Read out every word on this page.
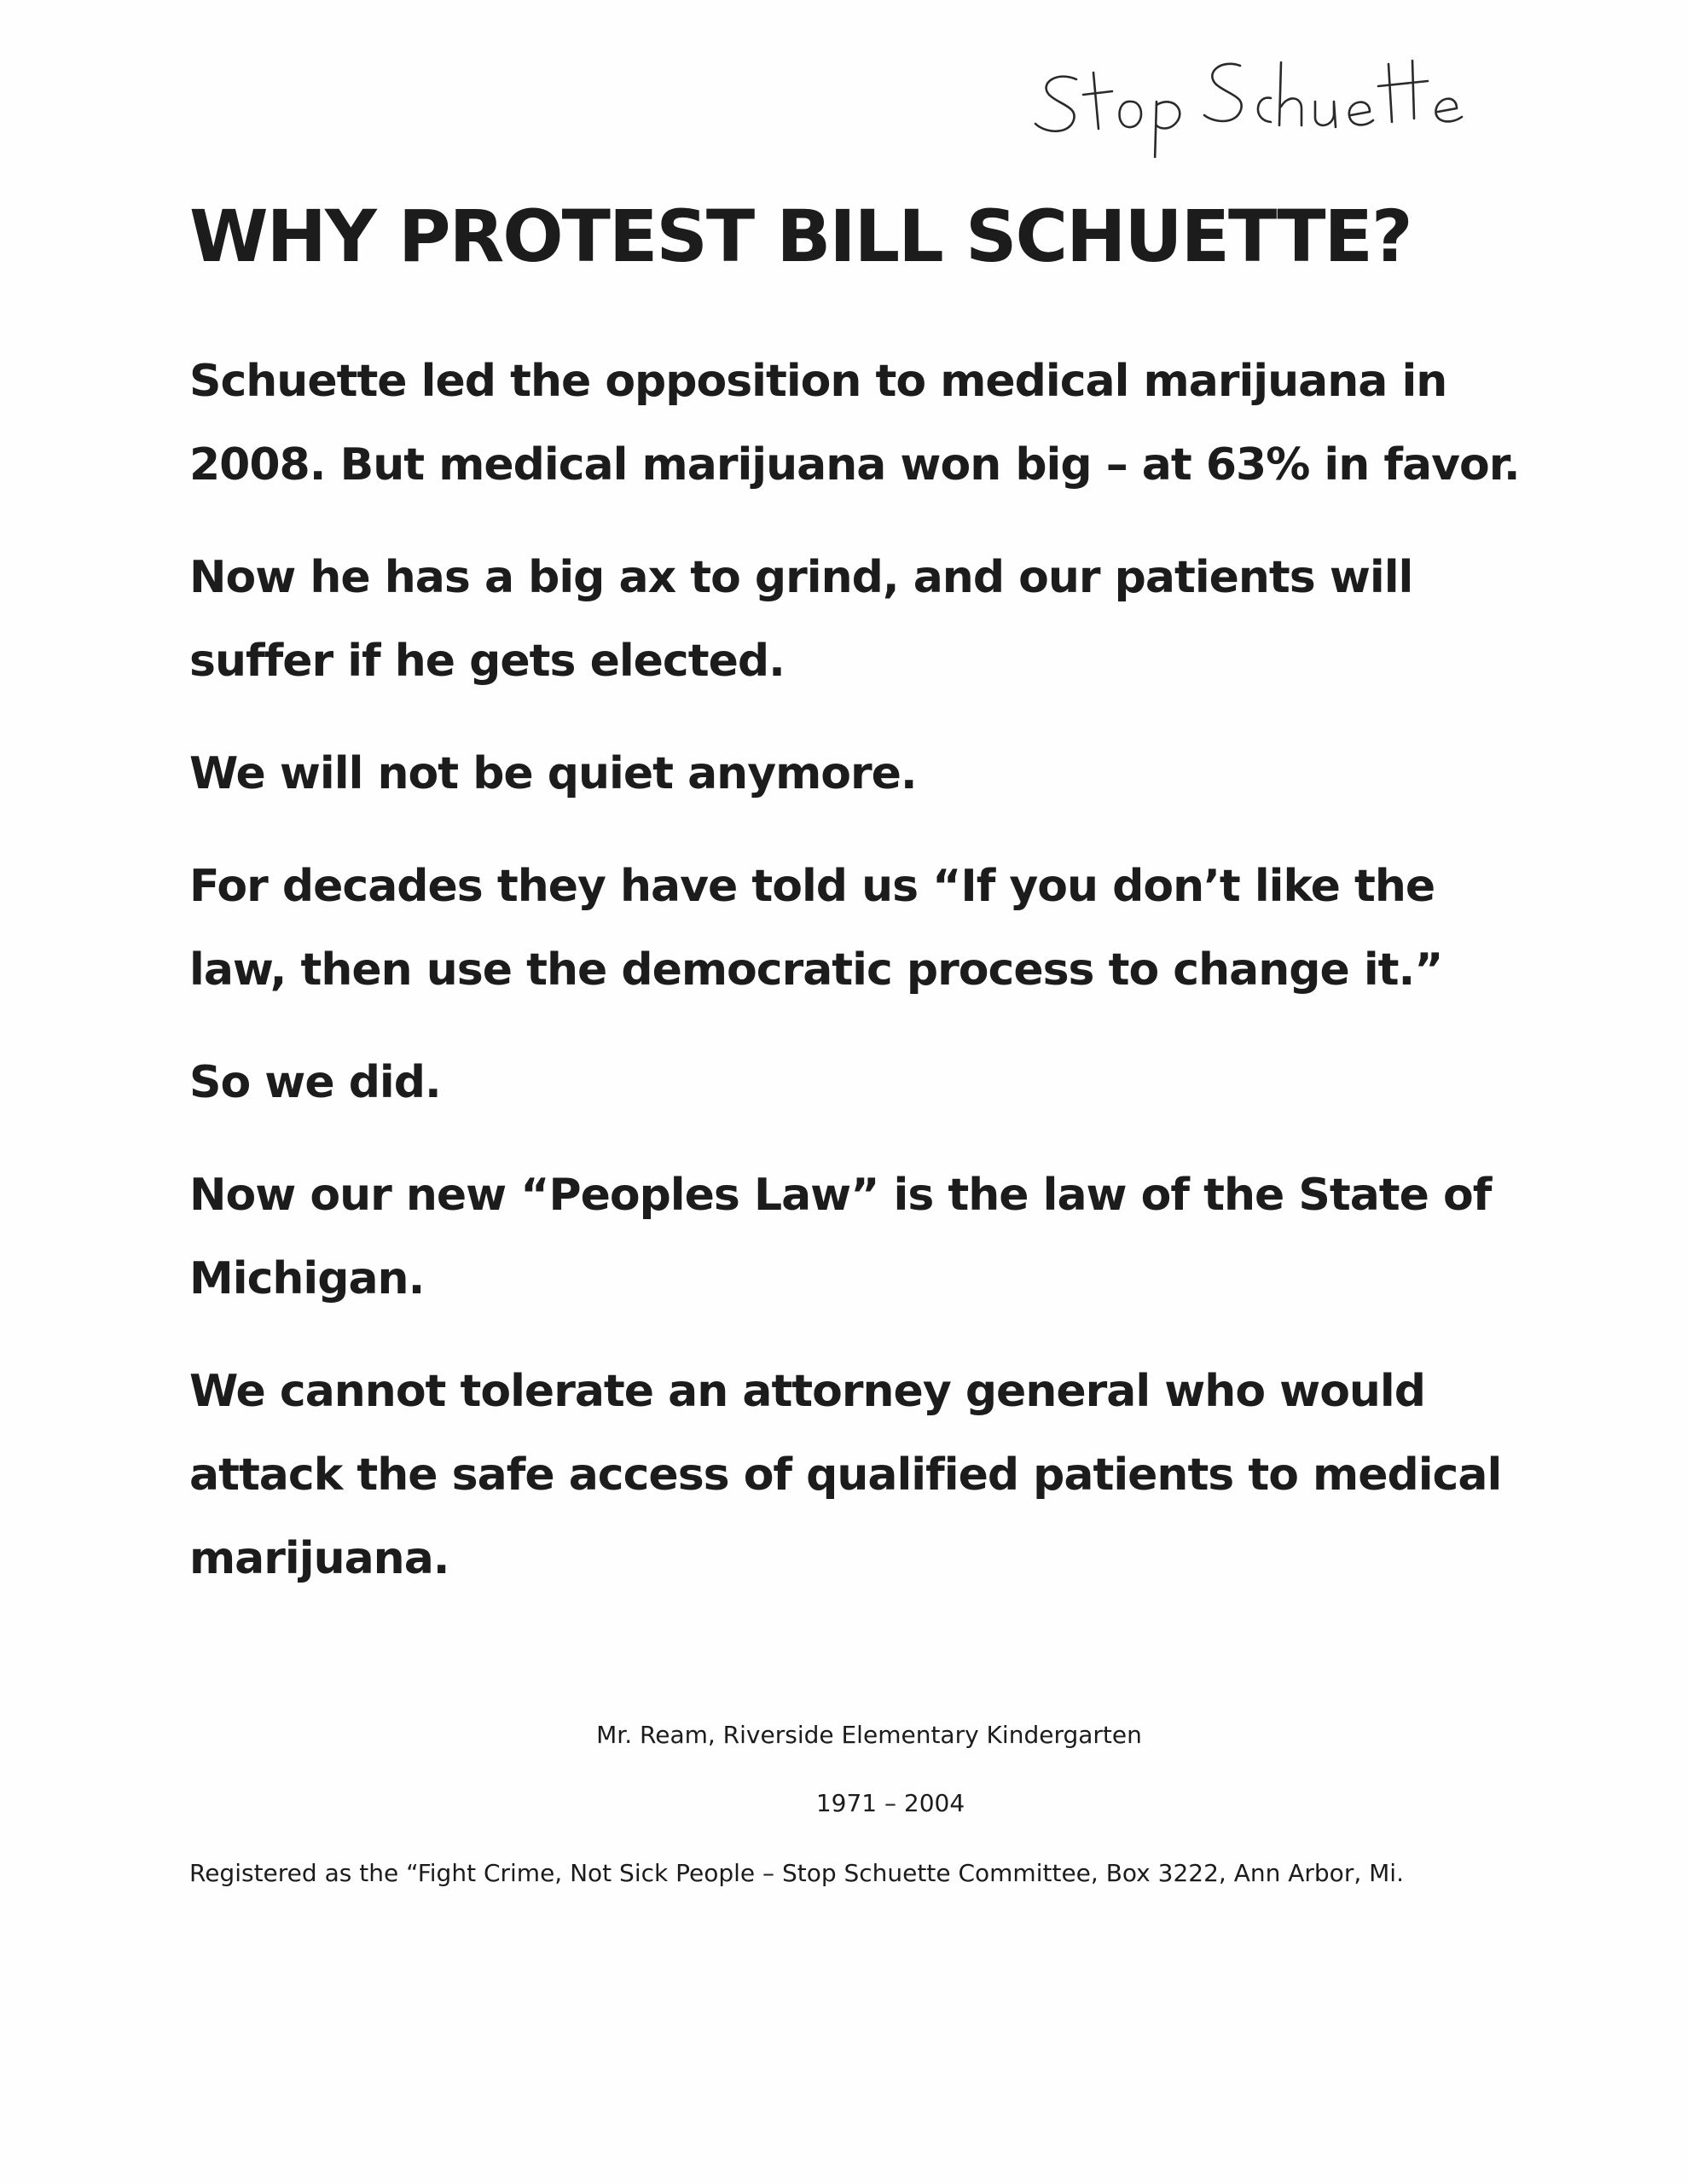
WHY PROTEST BILL SCHUETTE?

Schuette led the opposition to medical marijuana in 2008. But medical marijuana won big – at 63% in favor.

Now he has a big ax to grind, and our patients will suffer if he gets elected.

We will not be quiet anymore.

For decades they have told us “If you don’t like the law, then use the democratic process to change it.”

So we did.

Now our new “Peoples Law” is the law of the State of Michigan.

We cannot tolerate an attorney general who would attack the safe access of qualified patients to medical marijuana.

Mr. Ream, Riverside Elementary Kindergarten

1971 – 2004

Registered as the “Fight Crime, Not Sick People – Stop Schuette Committee, Box 3222, Ann Arbor, Mi.
